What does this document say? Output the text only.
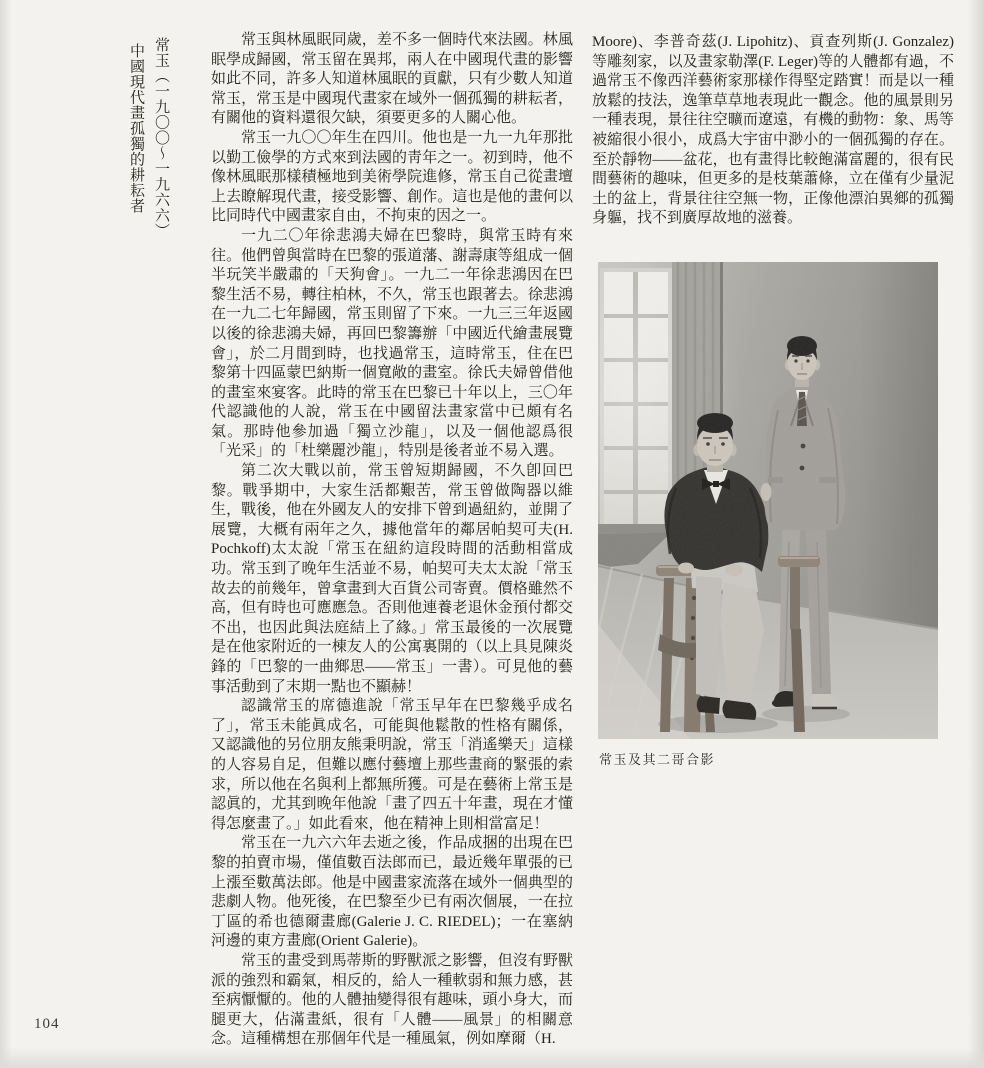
常玉（一九〇〇～一九六六）
中國現代畫孤獨的耕耘者

常玉與林風眠同歲，差不多一個時代來法國。林風眠學成歸國，常玉留在異邦，兩人在中國現代畫的影響如此不同，許多人知道林風眠的貢獻，只有少數人知道常玉，常玉是中國現代畫家在域外一個孤獨的耕耘者，有關他的資料還很欠缺，須要更多的人關心他。

常玉一九〇〇年生在四川。他也是一九一九年那批以勤工儉學的方式來到法國的靑年之一。初到時，他不像林風眠那樣積極地到美術學院進修，常玉自己從畫壇上去瞭解現代畫，接受影響、創作。這也是他的畫何以比同時代中國畫家自由，不拘束的因之一。

一九二〇年徐悲鴻夫婦在巴黎時，與常玉時有來往。他們曾與當時在巴黎的張道藩、謝壽康等組成一個半玩笑半嚴肅的「天狗會」。一九二一年徐悲鴻因在巴黎生活不易，轉往柏林，不久，常玉也跟著去。徐悲鴻在一九二七年歸國，常玉則留了下來。一九三三年返國以後的徐悲鴻夫婦，再回巴黎籌辦「中國近代繪畫展覽會」，於二月間到時，也找過常玉，這時常玉，住在巴黎第十四區蒙巴納斯一個寬敞的畫室。徐氏夫婦曾借他的畫室來宴客。此時的常玉在巴黎已十年以上，三〇年代認識他的人說，常玉在中國留法畫家當中已頗有名氣。那時他參加過「獨立沙龍」，以及一個他認爲很「光采」的「杜樂麗沙龍」，特別是後者並不易入選。

第二次大戰以前，常玉曾短期歸國，不久卽回巴黎。戰爭期中，大家生活都艱苦，常玉曾做陶器以維生，戰後，他在外國友人的安排下曾到過紐約，並開了展覽，大概有兩年之久，據他當年的鄰居帕契可夫(H. Pochkoff)太太說「常玉在紐約這段時間的活動相當成功。常玉到了晚年生活並不易，帕契可夫太太說「常玉故去的前幾年，曾拿畫到大百貨公司寄賣。價格雖然不高，但有時也可應應急。否則他連養老退休金預付都交不出，也因此與法庭結上了緣。」常玉最後的一次展覽是在他家附近的一棟友人的公寓裏開的（以上具見陳炎鋒的「巴黎的一曲鄉思——常玉」一書）。可見他的藝事活動到了末期一點也不顯赫！

認識常玉的席德進說「常玉早年在巴黎幾乎成名了」，常玉未能眞成名，可能與他鬆散的性格有關係，又認識他的另位朋友熊秉明說，常玉「消遙樂天」這樣的人容易自足，但難以應付藝壇上那些畫商的緊張的索求，所以他在名與利上都無所獲。可是在藝術上常玉是認眞的，尤其到晚年他說「畫了四五十年畫，現在才懂得怎麼畫了。」如此看來，他在精神上則相當富足！

常玉在一九六六年去逝之後，作品成捆的出現在巴黎的拍賣市場，僅值數百法郎而已，最近幾年單張的已上漲至數萬法郎。他是中國畫家流落在域外一個典型的悲劇人物。他死後，在巴黎至少已有兩次個展，一在拉丁區的希也德爾畫廊(Galerie J. C. RIEDEL)；一在塞納河邊的東方畫廊(Orient Galerie)。

常玉的畫受到馬蒂斯的野獸派之影響，但沒有野獸派的強烈和霸氣，相反的，給人一種軟弱和無力感，甚至病懨懨的。他的人體抽變得很有趣味，頭小身大，而腿更大，佔滿畫紙，很有「人體——風景」的相關意念。這種構想在那個年代是一種風氣，例如摩爾（H.

Moore)、李普奇茲(J. Lipohitz)、貢查列斯(J. Gonzalez)等雕刻家，以及畫家勒澤(F. Leger)等的人體都有過，不過常玉不像西洋藝術家那樣作得堅定踏實！而是以一種放鬆的技法，逸筆草草地表現此一觀念。他的風景則另一種表現，景往往空曠而遼遠，有機的動物：象、馬等被縮很小很小，成爲大宇宙中渺小的一個孤獨的存在。至於靜物——盆花，也有畫得比較飽滿富麗的，很有民間藝術的趣味，但更多的是枝葉蕭條，立在僅有少量泥土的盆上，背景往往空無一物，正像他漂泊異鄉的孤獨身軀，找不到廣厚故地的滋養。

常玉及其二哥合影
104
